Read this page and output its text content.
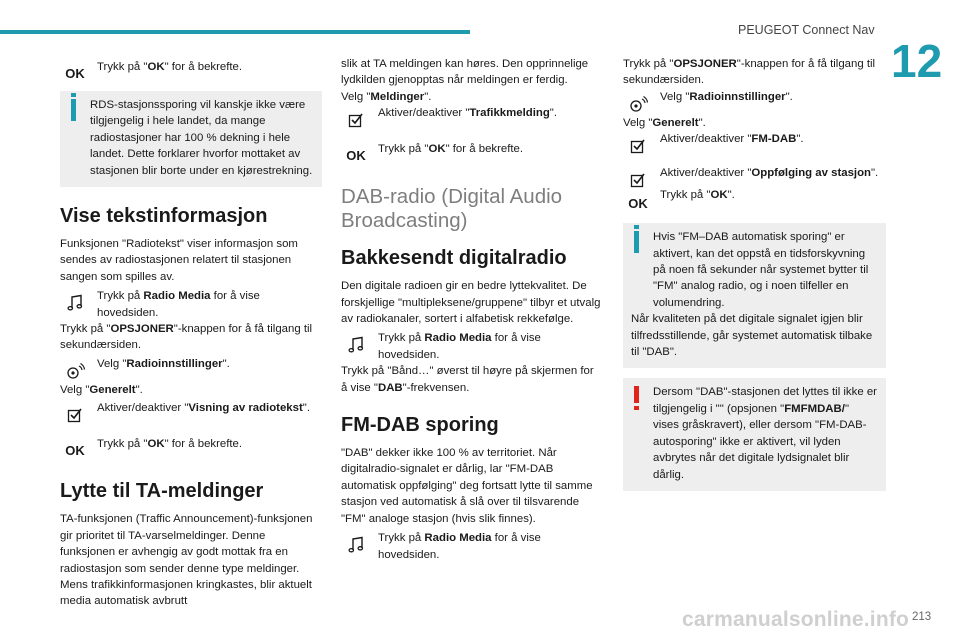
PEUGEOT Connect Nav
12
OK	Trykk på "OK" for å bekrefte.

RDS-stasjonssporing vil kanskje ikke være tilgjengelig i hele landet, da mange radiostasjoner har 100 % dekning i hele landet. Dette forklarer hvorfor mottaket av stasjonen blir borte under en kjørestrekning.

Vise tekstinformasjon

Funksjonen "Radiotekst" viser informasjon som sendes av radiostasjonen relatert til stasjonen sangen som spilles av.

Trykk på Radio Media for å vise hovedsiden.

Trykk på "OPSJONER"-knappen for å få tilgang til sekundærsiden.

Velg "Radioinnstillinger".

Velg "Generelt".

Aktiver/deaktiver "Visning av radiotekst".

OK	Trykk på "OK" for å bekrefte.

Lytte til TA-meldinger

TA-funksjonen (Traffic Announcement)-funksjonen gir prioritet til TA-varselmeldinger. Denne funksjonen er avhengig av godt mottak fra en radiostasjon som sender denne type meldinger. Mens trafikkinformasjonen kringkastes, blir aktuelt media automatisk avbrutt

slik at TA meldingen kan høres. Den opprinnelige lydkilden gjenopptas når meldingen er ferdig.

Velg "Meldinger".

Aktiver/deaktiver "Trafikkmelding".

OK	Trykk på "OK" for å bekrefte.

DAB-radio (Digital Audio Broadcasting)
Bakkesendt digitalradio

Den digitale radioen gir en bedre lyttekvalitet. De forskjellige "multipleksene/gruppene" tilbyr et utvalg av radiokanaler, sortert i alfabetisk rekkefølge.

Trykk på Radio Media for å vise hovedsiden.

Trykk på "Bånd…" øverst til høyre på skjermen for å vise "DAB"-frekvensen.

FM-DAB sporing

"DAB" dekker ikke 100 % av territoriet. Når digitalradio-signalet er dårlig, lar "FM-DAB automatisk oppfølging" deg fortsatt lytte til samme stasjon ved automatisk å slå over til tilsvarende "FM" analoge stasjon (hvis slik finnes).

Trykk på Radio Media for å vise hovedsiden.

Trykk på "OPSJONER"-knappen for å få tilgang til sekundærsiden.

Velg "Radioinnstillinger".

Velg "Generelt".

Aktiver/deaktiver "FM-DAB".

Aktiver/deaktiver "Oppfølging av stasjon".

OK

Trykk på "OK".

Hvis "FM–DAB automatisk sporing" er aktivert, kan det oppstå en tidsforskyvning på noen få sekunder når systemet bytter til "FM" analog radio, og i noen tilfeller en volumendring.

Når kvaliteten på det digitale signalet igjen blir tilfredsstillende, går systemet automatisk tilbake til "DAB".

Dersom "DAB"-stasjonen det lyttes til ikke er tilgjengelig i "" (opsjonen "FMFMDAB/" vises gråskravert), eller dersom "FM-DAB-autosporing" ikke er aktivert, vil lyden avbrytes når det digitale lydsignalet blir dårlig.

213
carmanualsonline.info
